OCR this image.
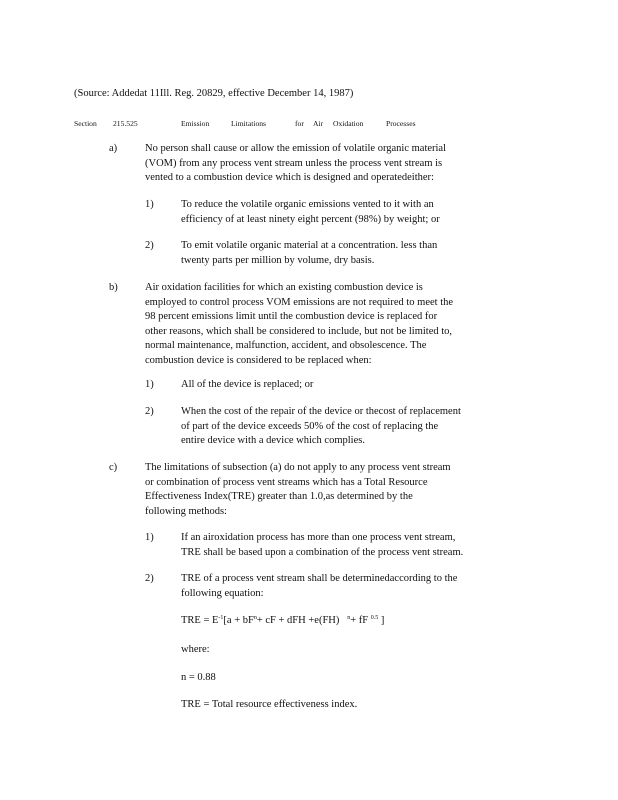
(Source: Addedat 11Ill. Reg. 20829, effective December 14, 1987)
Section 215.525	Emission	Limitations	for Air Oxidation	Processes
a)	No person shall cause or allow the emission of volatile organic material
(VOM) from any process vent stream unless the process vent stream is
vented to a combustion device which is designed and operatedeither:
1)	To reduce the volatile organic emissions vented to it with an
efficiency of at least ninety eight percent (98%) by weight; or
2)	To emit volatile organic material at a concentration. less than
twenty parts per million by volume, dry basis.
b)	Air oxidation facilities for which an existing combustion device is
employed to control process VOM emissions are not required to meet the
98 percent emissions limit until the combustion device is replaced for
other reasons, which shall be considered to include, but not be limited to,
normal maintenance, malfunction, accident, and obsolescence. The
combustion device is considered to be replaced when:
1)	All of the device is replaced; or
2)	When the cost of the repair of the device or thecost of replacement
of part of the device exceeds 50% of the cost of replacing the
entire device with a device which complies.
c)	The limitations of subsection (a) do not apply to any process vent stream
or combination of process vent streams which has a Total Resource
Effectiveness Index(TRE) greater than 1.0,as determined by the
following methods:
1)	If an airoxidation process has more than one process vent stream,
TRE shall be based upon a combination of the process vent stream.
2)	TRE of a process vent stream shall be determinedaccording to the
following equation:
TRE = $E^{-1}[a + bF^n+$ cF + dFH +e(FH) $^n$+ fF $^{0.5}$ ]
where:
n = 0.88
TRE = Total resource effectiveness index.
